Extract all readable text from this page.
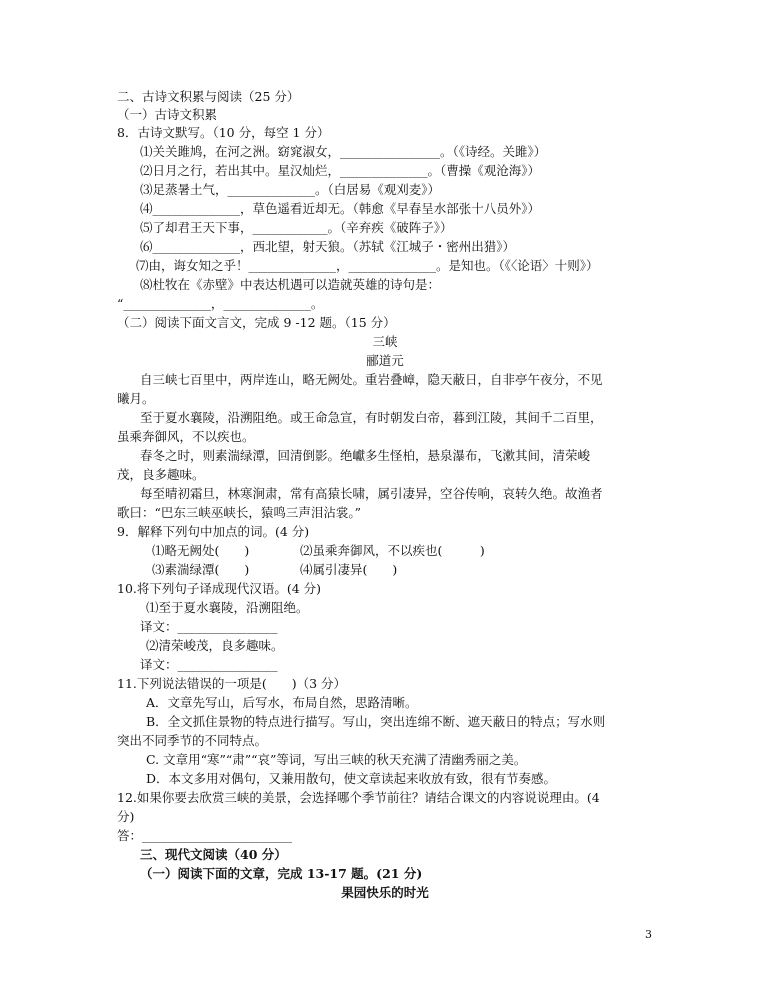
二、古诗文积累与阅读（25 分）
（一）古诗文积累
8．古诗文默写。（10 分，每空 1 分）
⑴关关雎鸠，在河之洲。窈窕淑女，________________。（《诗经。关雎》）
⑵日月之行，若出其中。星汉灿烂，______________。（曹操《观沧海》）
⑶足蒸暑土气，______________。（白居易《观刈麦》）
⑷______________，草色遥看近却无。（韩愈《早春呈水部张十八员外》）
⑸了却君王天下事，____________。（辛弃疾《破阵子》）
⑹______________，西北望，射天狼。（苏轼《江城子・密州出猎》）
⑺由，诲女知之乎！______________，______________。是知也。（《〈论语〉十则》）
⑻杜牧在《赤壁》中表达机遇可以造就英雄的诗句是：
“______________，______________。
（二）阅读下面文言文，完成 9 -12 题。（15 分）
三峡
郦道元
自三峡七百里中，两岸连山，略无阙处。重岩叠嶂，隐天蔽日，自非亭午夜分，不见
曦月。
至于夏水襄陵，沿溯阻绝。或王命急宣，有时朝发白帝，暮到江陵，其间千二百里，
虽乘奔御风，不以疾也。
春冬之时，则素湍绿潭，回清倒影。绝巘多生怪柏，悬泉瀑布，飞漱其间，清荣峻
茂，良多趣味。
每至晴初霜旦，林寒涧肃，常有高猿长啸，属引凄异，空谷传响，哀转久绝。故渔者
歌曰：“巴东三峡巫峡长，猿鸣三声泪沾裳。”
9．解释下列句中加点的词。(4 分)
⑴略无阙处(　　)	⑵虽乘奔御风，不以疾也(　　　)
⑶素湍绿潭(　　)	⑷属引凄异(　　)
10.将下列句子译成现代汉语。(4 分)
⑴至于夏水襄陵，沿溯阻绝。
译文：________________
⑵清荣峻茂，良多趣味。
译文：________________
11.下列说法错误的一项是(　　)（3 分）
A．文章先写山，后写水，布局自然，思路清晰。
B．全文抓住景物的特点进行描写。写山，突出连绵不断、遮天蔽日的特点；写水则
突出不同季节的不同特点。
C. 文章用“寒”“肃”“哀”等词，写出三峡的秋天充满了清幽秀丽之美。
D．本文多用对偶句，又兼用散句，使文章读起来收放有致，很有节奏感。
12.如果你要去欣赏三峡的美景，会选择哪个季节前往？请结合课文的内容说说理由。(4
分)
答：________________________
三、现代文阅读（40 分）
（一）阅读下面的文章，完成 13-17 题。(21 分)
果园快乐的时光
3
